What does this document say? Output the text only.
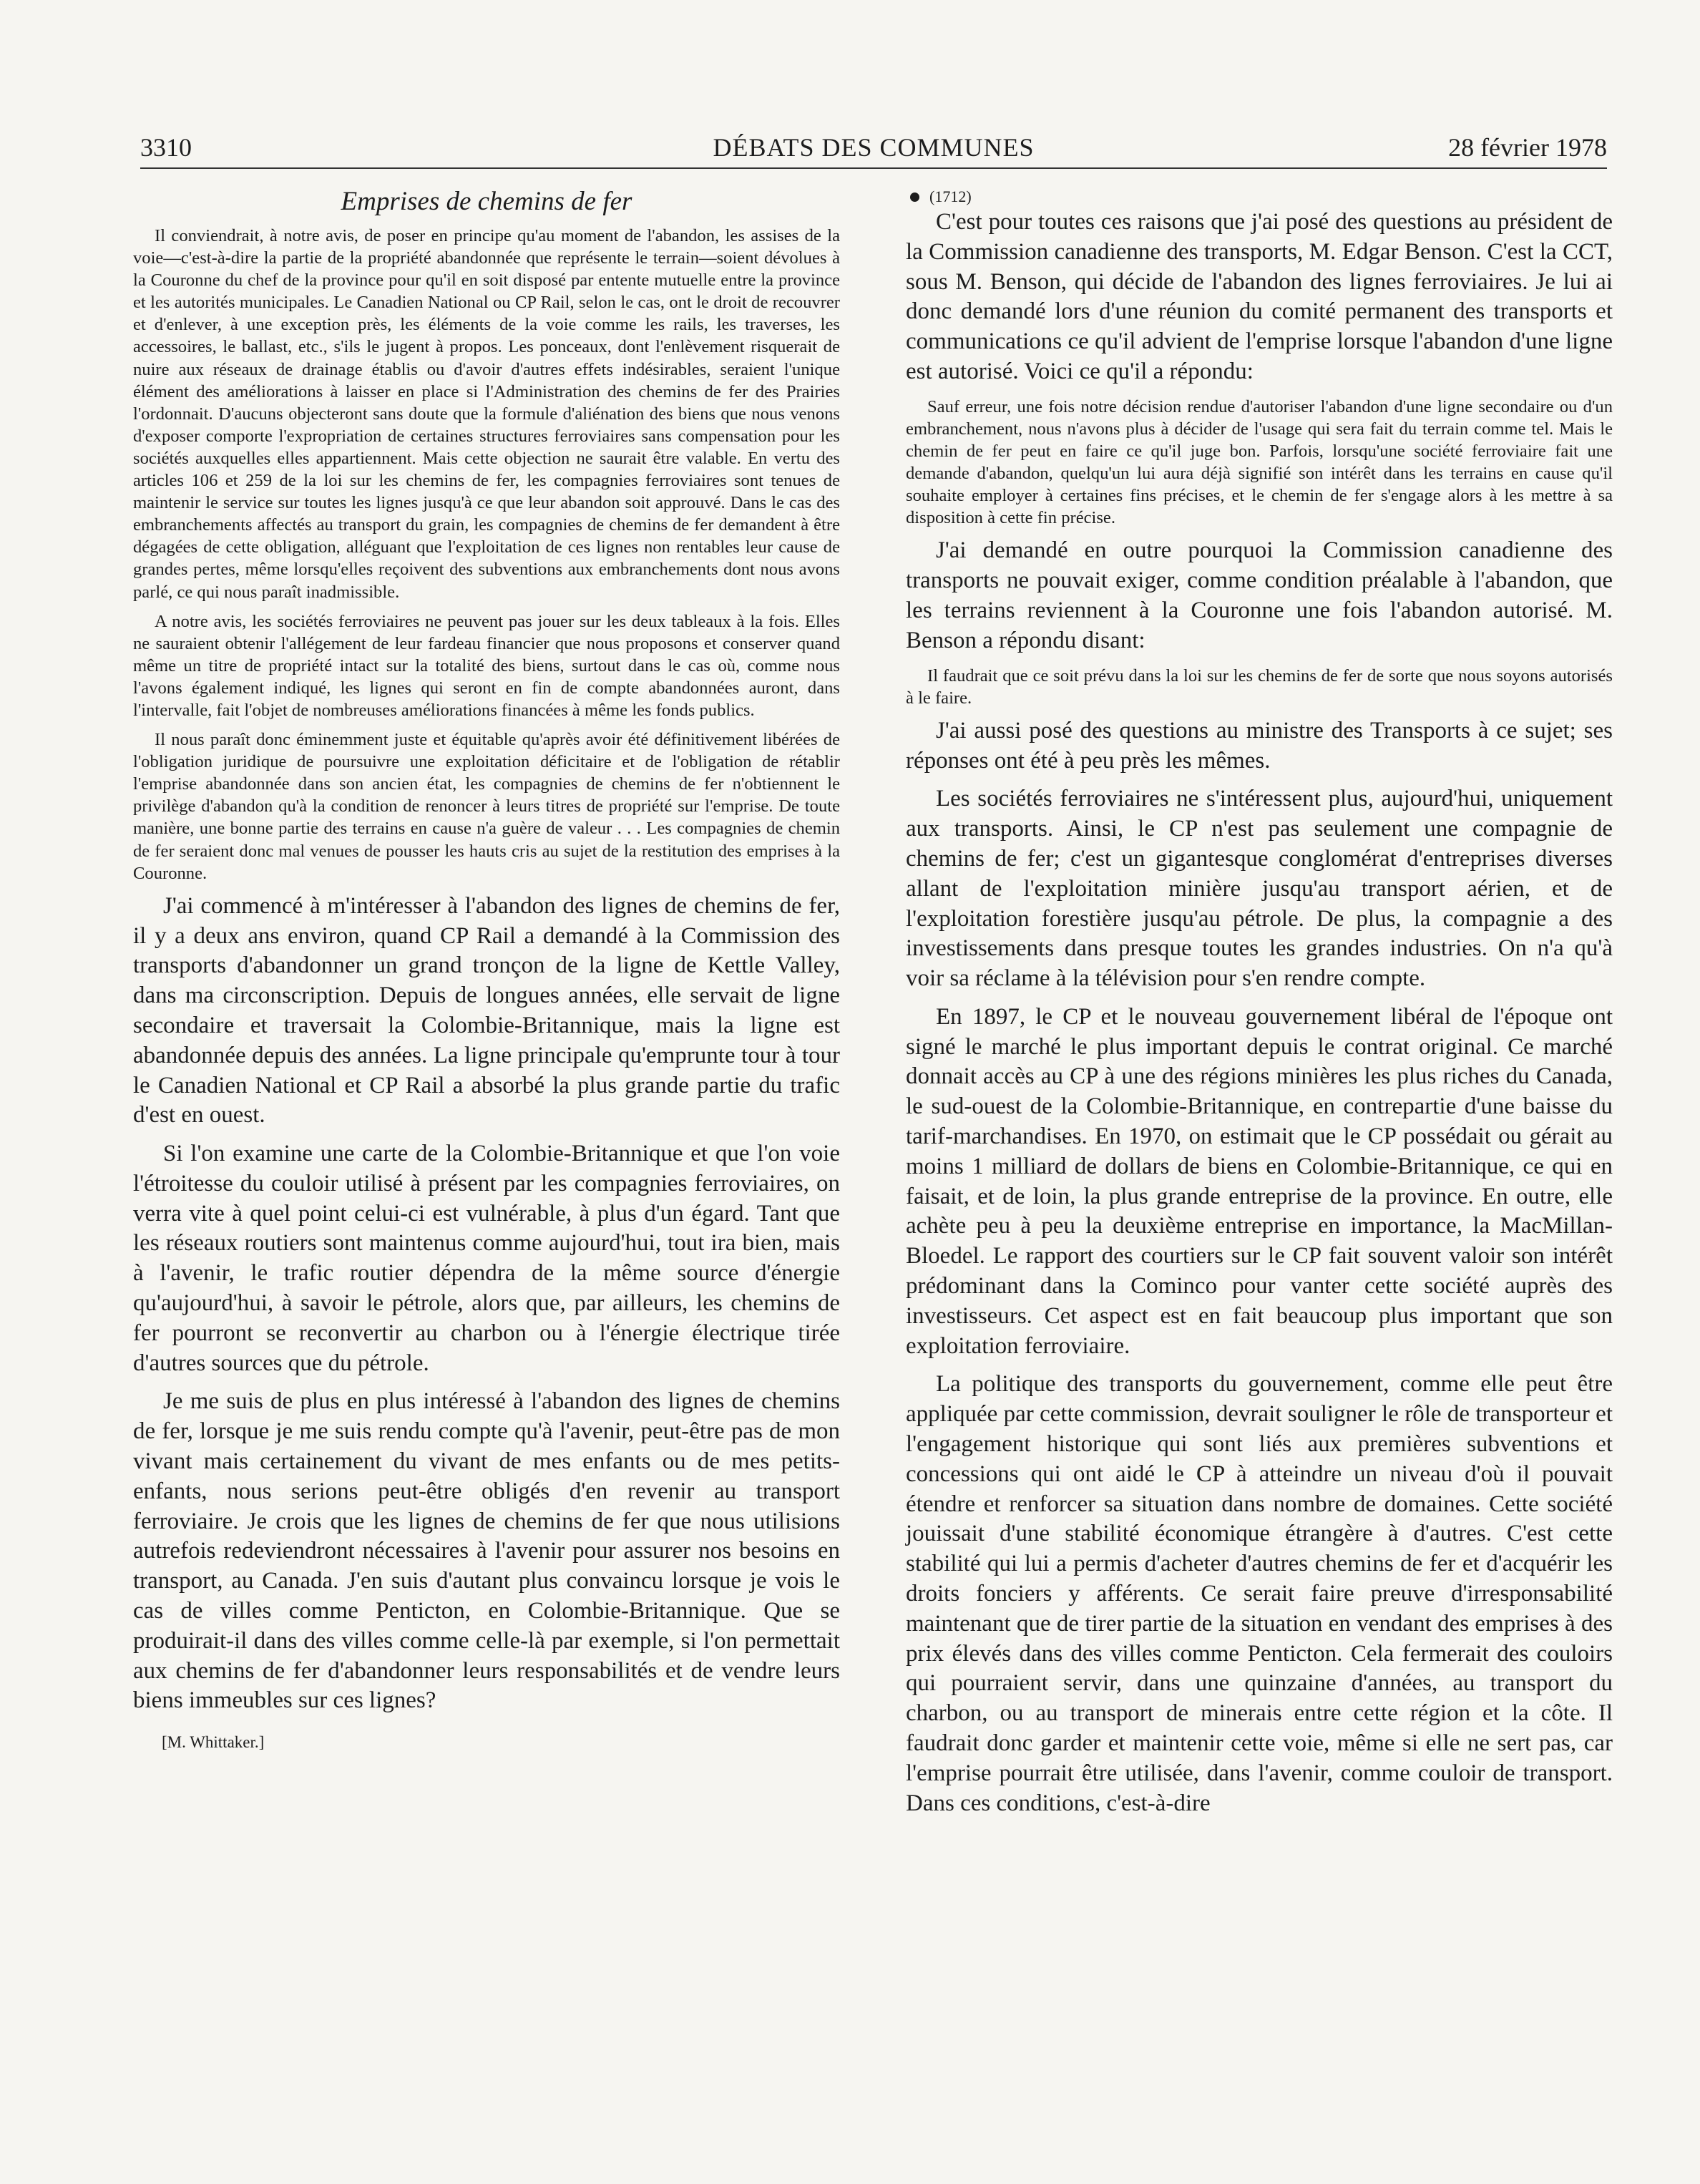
3310	DÉBATS DES COMMUNES	28 février 1978
Emprises de chemins de fer

Il conviendrait, à notre avis, de poser en principe qu'au moment de l'abandon, les assises de la voie—c'est-à-dire la partie de la propriété abandonnée que représente le terrain—soient dévolues à la Couronne du chef de la province pour qu'il en soit disposé par entente mutuelle entre la province et les autorités municipales. Le Canadien National ou CP Rail, selon le cas, ont le droit de recouvrer et d'enlever, à une exception près, les éléments de la voie comme les rails, les traverses, les accessoires, le ballast, etc., s'ils le jugent à propos. Les ponceaux, dont l'enlèvement risquerait de nuire aux réseaux de drainage établis ou d'avoir d'autres effets indésirables, seraient l'unique élément des améliorations à laisser en place si l'Administration des chemins de fer des Prairies l'ordonnait. D'aucuns objecteront sans doute que la formule d'aliénation des biens que nous venons d'exposer comporte l'expropriation de certaines structures ferroviaires sans compensation pour les sociétés auxquelles elles appartiennent. Mais cette objection ne saurait être valable. En vertu des articles 106 et 259 de la loi sur les chemins de fer, les compagnies ferroviaires sont tenues de maintenir le service sur toutes les lignes jusqu'à ce que leur abandon soit approuvé. Dans le cas des embranchements affectés au transport du grain, les compagnies de chemins de fer demandent à être dégagées de cette obligation, alléguant que l'exploitation de ces lignes non rentables leur cause de grandes pertes, même lorsqu'elles reçoivent des subventions aux embranchements dont nous avons parlé, ce qui nous paraît inadmissible.

A notre avis, les sociétés ferroviaires ne peuvent pas jouer sur les deux tableaux à la fois. Elles ne sauraient obtenir l'allégement de leur fardeau financier que nous proposons et conserver quand même un titre de propriété intact sur la totalité des biens, surtout dans le cas où, comme nous l'avons également indiqué, les lignes qui seront en fin de compte abandonnées auront, dans l'intervalle, fait l'objet de nombreuses améliorations financées à même les fonds publics.

Il nous paraît donc éminemment juste et équitable qu'après avoir été définitivement libérées de l'obligation juridique de poursuivre une exploitation déficitaire et de l'obligation de rétablir l'emprise abandonnée dans son ancien état, les compagnies de chemins de fer n'obtiennent le privilège d'abandon qu'à la condition de renoncer à leurs titres de propriété sur l'emprise. De toute manière, une bonne partie des terrains en cause n'a guère de valeur . . . Les compagnies de chemin de fer seraient donc mal venues de pousser les hauts cris au sujet de la restitution des emprises à la Couronne.

J'ai commencé à m'intéresser à l'abandon des lignes de chemins de fer, il y a deux ans environ, quand CP Rail a demandé à la Commission des transports d'abandonner un grand tronçon de la ligne de Kettle Valley, dans ma circonscription. Depuis de longues années, elle servait de ligne secondaire et traversait la Colombie-Britannique, mais la ligne est abandonnée depuis des années. La ligne principale qu'emprunte tour à tour le Canadien National et CP Rail a absorbé la plus grande partie du trafic d'est en ouest.

Si l'on examine une carte de la Colombie-Britannique et que l'on voie l'étroitesse du couloir utilisé à présent par les compagnies ferroviaires, on verra vite à quel point celui-ci est vulnérable, à plus d'un égard. Tant que les réseaux routiers sont maintenus comme aujourd'hui, tout ira bien, mais à l'avenir, le trafic routier dépendra de la même source d'énergie qu'aujourd'hui, à savoir le pétrole, alors que, par ailleurs, les chemins de fer pourront se reconvertir au charbon ou à l'énergie électrique tirée d'autres sources que du pétrole.

Je me suis de plus en plus intéressé à l'abandon des lignes de chemins de fer, lorsque je me suis rendu compte qu'à l'avenir, peut-être pas de mon vivant mais certainement du vivant de mes enfants ou de mes petits-enfants, nous serions peut-être obligés d'en revenir au transport ferroviaire. Je crois que les lignes de chemins de fer que nous utilisions autrefois redeviendront nécessaires à l'avenir pour assurer nos besoins en transport, au Canada. J'en suis d'autant plus convaincu lorsque je vois le cas de villes comme Penticton, en Colombie-Britannique. Que se produirait-il dans des villes comme celle-là par exemple, si l'on permettait aux chemins de fer d'abandonner leurs responsabilités et de vendre leurs biens immeubles sur ces lignes?

[M. Whittaker.]
(1712)

C'est pour toutes ces raisons que j'ai posé des questions au président de la Commission canadienne des transports, M. Edgar Benson. C'est la CCT, sous M. Benson, qui décide de l'abandon des lignes ferroviaires. Je lui ai donc demandé lors d'une réunion du comité permanent des transports et communications ce qu'il advient de l'emprise lorsque l'abandon d'une ligne est autorisé. Voici ce qu'il a répondu:

Sauf erreur, une fois notre décision rendue d'autoriser l'abandon d'une ligne secondaire ou d'un embranchement, nous n'avons plus à décider de l'usage qui sera fait du terrain comme tel. Mais le chemin de fer peut en faire ce qu'il juge bon. Parfois, lorsqu'une société ferroviaire fait une demande d'abandon, quelqu'un lui aura déjà signifié son intérêt dans les terrains en cause qu'il souhaite employer à certaines fins précises, et le chemin de fer s'engage alors à les mettre à sa disposition à cette fin précise.

J'ai demandé en outre pourquoi la Commission canadienne des transports ne pouvait exiger, comme condition préalable à l'abandon, que les terrains reviennent à la Couronne une fois l'abandon autorisé. M. Benson a répondu disant:

Il faudrait que ce soit prévu dans la loi sur les chemins de fer de sorte que nous soyons autorisés à le faire.

J'ai aussi posé des questions au ministre des Transports à ce sujet; ses réponses ont été à peu près les mêmes.

Les sociétés ferroviaires ne s'intéressent plus, aujourd'hui, uniquement aux transports. Ainsi, le CP n'est pas seulement une compagnie de chemins de fer; c'est un gigantesque conglomérat d'entreprises diverses allant de l'exploitation minière jusqu'au transport aérien, et de l'exploitation forestière jusqu'au pétrole. De plus, la compagnie a des investissements dans presque toutes les grandes industries. On n'a qu'à voir sa réclame à la télévision pour s'en rendre compte.

En 1897, le CP et le nouveau gouvernement libéral de l'époque ont signé le marché le plus important depuis le contrat original. Ce marché donnait accès au CP à une des régions minières les plus riches du Canada, le sud-ouest de la Colombie-Britannique, en contrepartie d'une baisse du tarif-marchandises. En 1970, on estimait que le CP possédait ou gérait au moins 1 milliard de dollars de biens en Colombie-Britannique, ce qui en faisait, et de loin, la plus grande entreprise de la province. En outre, elle achète peu à peu la deuxième entreprise en importance, la MacMillan-Bloedel. Le rapport des courtiers sur le CP fait souvent valoir son intérêt prédominant dans la Cominco pour vanter cette société auprès des investisseurs. Cet aspect est en fait beaucoup plus important que son exploitation ferroviaire.

La politique des transports du gouvernement, comme elle peut être appliquée par cette commission, devrait souligner le rôle de transporteur et l'engagement historique qui sont liés aux premières subventions et concessions qui ont aidé le CP à atteindre un niveau d'où il pouvait étendre et renforcer sa situation dans nombre de domaines. Cette société jouissait d'une stabilité économique étrangère à d'autres. C'est cette stabilité qui lui a permis d'acheter d'autres chemins de fer et d'acquérir les droits fonciers y afférents. Ce serait faire preuve d'irresponsabilité maintenant que de tirer partie de la situation en vendant des emprises à des prix élevés dans des villes comme Penticton. Cela fermerait des couloirs qui pourraient servir, dans une quinzaine d'années, au transport du charbon, ou au transport de minerais entre cette région et la côte. Il faudrait donc garder et maintenir cette voie, même si elle ne sert pas, car l'emprise pourrait être utilisée, dans l'avenir, comme couloir de transport. Dans ces conditions, c'est-à-dire
